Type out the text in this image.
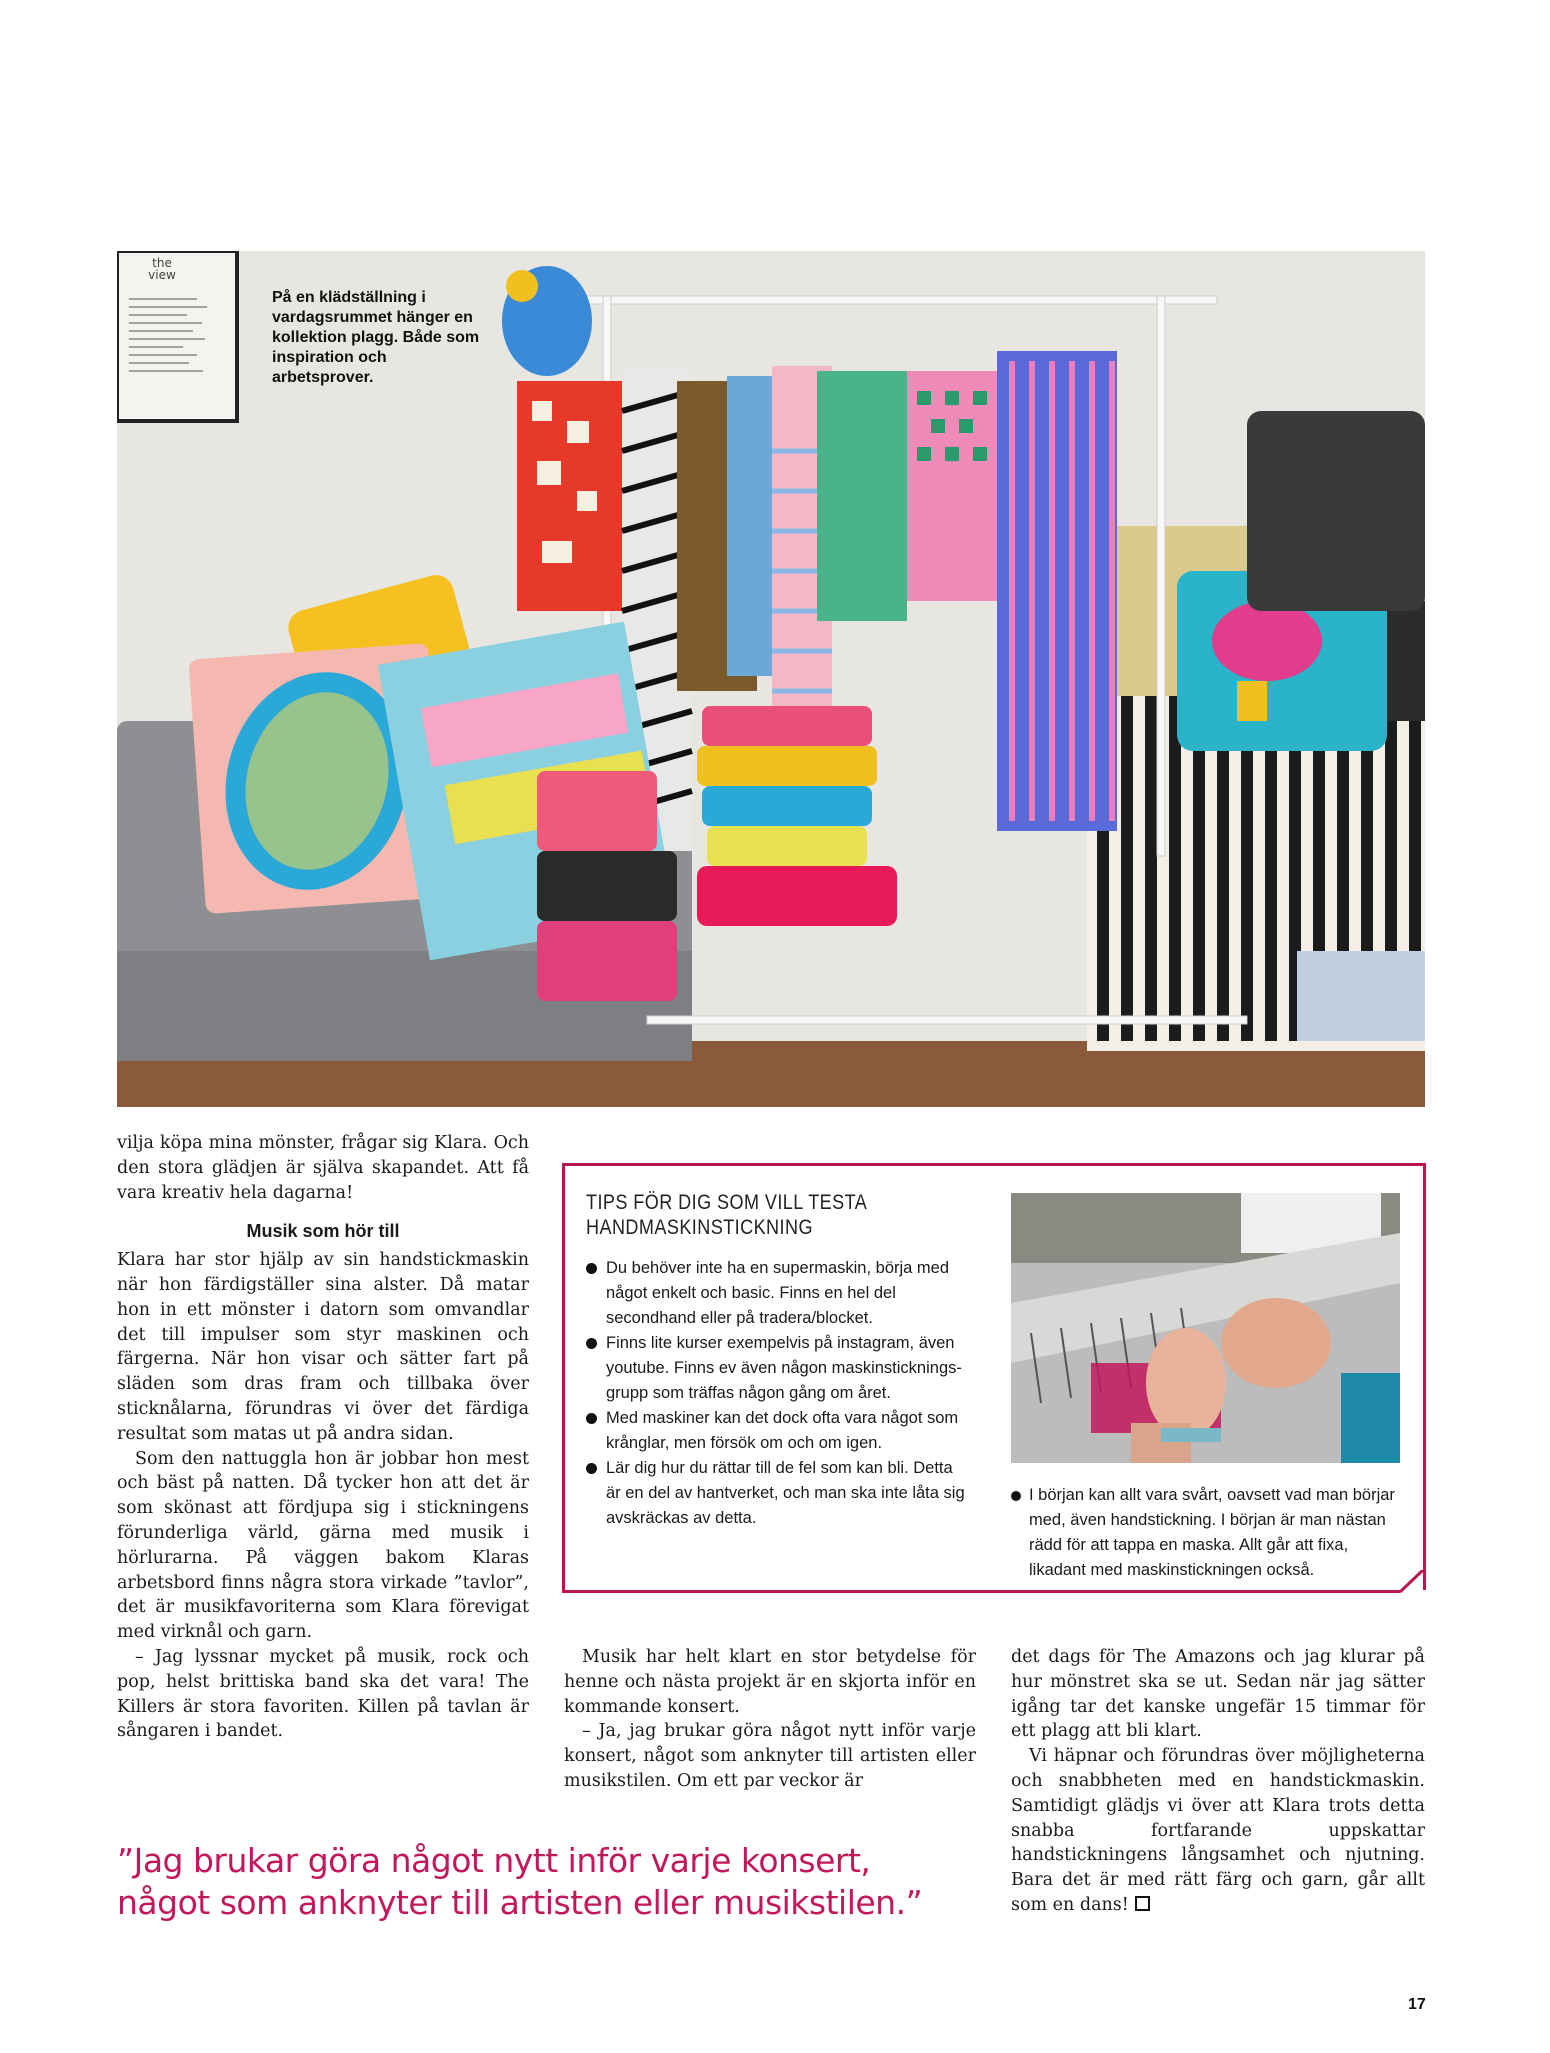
the
view
På en klädställning i vardagsrummet hänger en kollektion plagg. Både som inspiration och arbetsprover.

vilja köpa mina mönster, frågar sig Klara. Och den stora glädjen är själva skapandet. Att få vara kreativ hela dagarna!

Musik som hör till

Klara har stor hjälp av sin handstickmaskin när hon färdigställer sina alster. Då matar hon in ett mönster i datorn som omvandlar det till impulser som styr maskinen och färgerna. När hon visar och sätter fart på släden som dras fram och tillbaka över sticknålarna, förundras vi över det färdiga resultat som matas ut på andra sidan.

Som den nattuggla hon är jobbar hon mest och bäst på natten. Då tycker hon att det är som skönast att fördjupa sig i stickningens förunderliga värld, gärna med musik i hörlurarna. På väggen bakom Klaras arbetsbord finns några stora virkade ”tavlor”, det är musikfavoriterna som Klara förevigat med virknål och garn.

– Jag lyssnar mycket på musik, rock och pop, helst brittiska band ska det vara! The Killers är stora favoriten. Killen på tavlan är sångaren i bandet.

TIPS FÖR DIG SOM VILL TESTA HANDMASKINSTICKNING
Du behöver inte ha en supermaskin, börja med något enkelt och basic. Finns en hel del secondhand eller på tradera/blocket.
Finns lite kurser exempelvis på instagram, även youtube. Finns ev även någon maskinstickningsgrupp som träffas någon gång om året.
Med maskiner kan det dock ofta vara något som krånglar, men försök om och om igen.
Lär dig hur du rättar till de fel som kan bli. Detta är en del av hantverket, och man ska inte låta sig avskräckas av detta.
I början kan allt vara svårt, oavsett vad man börjar med, även handstickning. I början är man nästan rädd för att tappa en maska. Allt går att fixa, likadant med maskinstickningen också.

Musik har helt klart en stor betydelse för henne och nästa projekt är en skjorta inför en kommande konsert.

– Ja, jag brukar göra något nytt inför varje konsert, något som anknyter till artisten eller musikstilen. Om ett par veckor är

det dags för The Amazons och jag klurar på hur mönstret ska se ut. Sedan när jag sätter igång tar det kanske ungefär 15 timmar för ett plagg att bli klart.

Vi häpnar och förundras över möjligheterna och snabbheten med en handstickmaskin. Samtidigt glädjs vi över att Klara trots detta snabba fortfarande uppskattar handstickningens långsamhet och njutning. Bara det är med rätt färg och garn, går allt som en dans!

”Jag brukar göra något nytt inför varje konsert,
något som anknyter till artisten eller musikstilen.”
17
